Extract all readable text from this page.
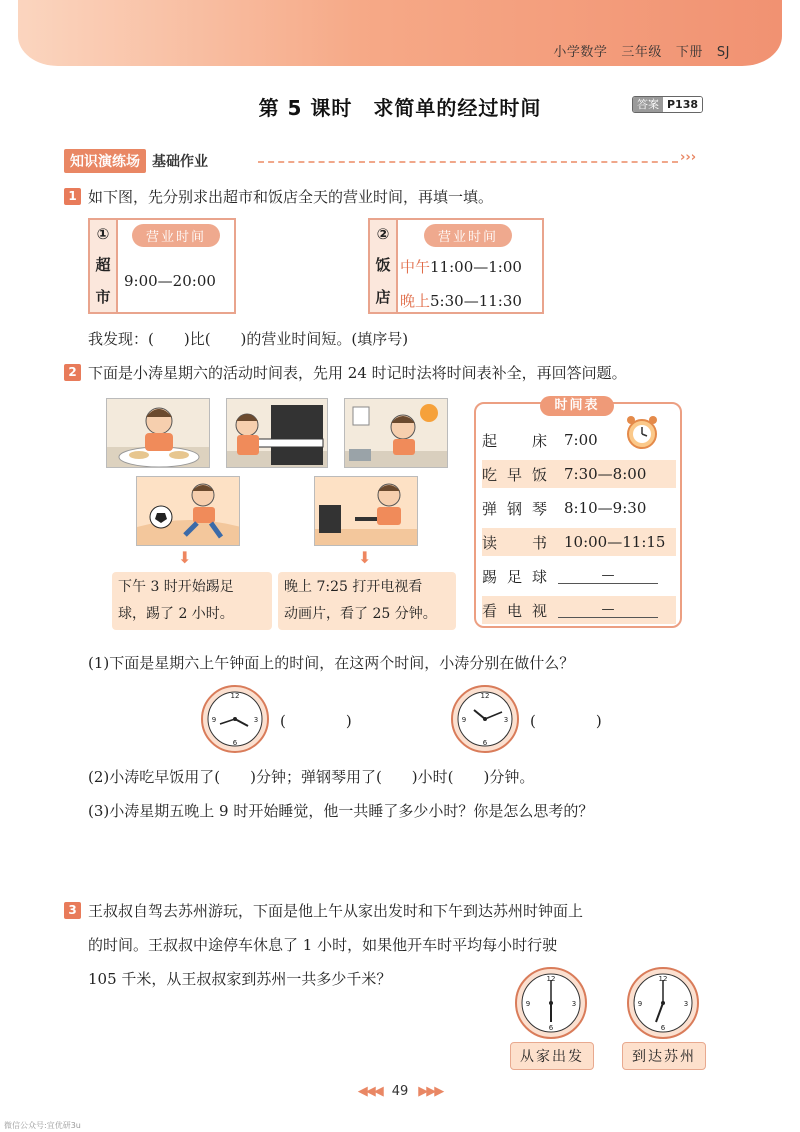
小学数学 三年级 下册 SJ
第 5 课时　求简单的经过时间	答案 P138
知识演练场 基础作业	›››
1 如下图，先分别求出超市和饭店全天的营业时间，再填一填。
①
超
市
营业时间
9:00—20:00
②
饭
店
营业时间
中午11:00—1:00
晚上5:30—11:30
我发现：(　　)比(　　)的营业时间短。(填序号)
2 下面是小涛星期六的活动时间表，先用 24 时记时法将时间表补全，再回答问题。
⬇	⬇
下午 3 时开始踢足
球，踢了 2 小时。
晚上 7:25 打开电视看
动画片，看了 25 分钟。
时间表
起床 7:00
吃早饭 7:30—8:00
弹钢琴 8:10—9:30
读书 10:00—11:15
踢足球	—
看电视	—
(1)下面是星期六上午钟面上的时间，在这两个时间，小涛分别在做什么？
12
3
6
9	(　　　　)
12
3
6
9	(　　　　)
(2)小涛吃早饭用了(　　)分钟；弹钢琴用了(　　)小时(　　)分钟。
(3)小涛星期五晚上 9 时开始睡觉，他一共睡了多少小时？你是怎么思考的？
3 王叔叔自驾去苏州游玩，下面是他上午从家出发时和下午到达苏州时钟面上
的时间。王叔叔中途停车休息了 1 小时，如果他开车时平均每小时行驶
105 千米，从王叔叔家到苏州一共多少千米？	12
3
6
9
12
3
6
9
从家出发	到达苏州
◀◀◀ 49 ▶▶▶
微信公众号:宜优研3u
